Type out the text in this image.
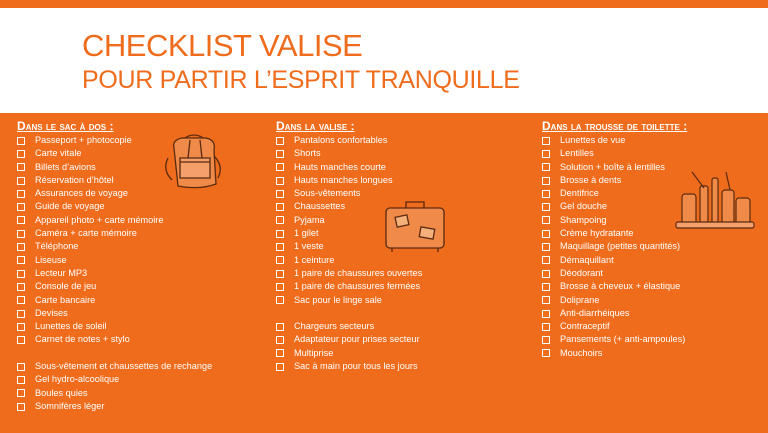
CHECKLIST VALISE
POUR PARTIR L’ESPRIT TRANQUILLE
Dans le sac à dos :
Passeport + photocopie
Carte vitale
Billets d’avions
Réservation d’hôtel
Assurances de voyage
Guide de voyage
Appareil photo + carte mémoire
Caméra + carte mémoire
Téléphone
Liseuse
Lecteur MP3
Console de jeu
Carte bancaire
Devises
Lunettes de soleil
Carnet de notes + stylo
Sous-vêtement et chaussettes de rechange
Gel hydro-alcoolique
Boules quies
Somnifères léger
Dans la valise :
Pantalons confortables
Shorts
Hauts manches courte
Hauts manches longues
Sous-vêtements
Chaussettes
Pyjama
1 gilet
1 veste
1 ceinture
1 paire de chaussures ouvertes
1 paire de chaussures fermées
Sac pour le linge sale
Chargeurs secteurs
Adaptateur pour prises secteur
Multiprise
Sac à main pour tous les jours
Dans la trousse de toilette :
Lunettes de vue
Lentilles
Solution + boîte à lentilles
Brosse à dents
Dentifrice
Gel douche
Shampoing
Crème hydratante
Maquillage (petites quantités)
Démaquillant
Déodorant
Brosse à cheveux + élastique
Doliprane
Anti-diarrhéiques
Contraceptif
Pansements (+ anti-ampoules)
Mouchoirs
